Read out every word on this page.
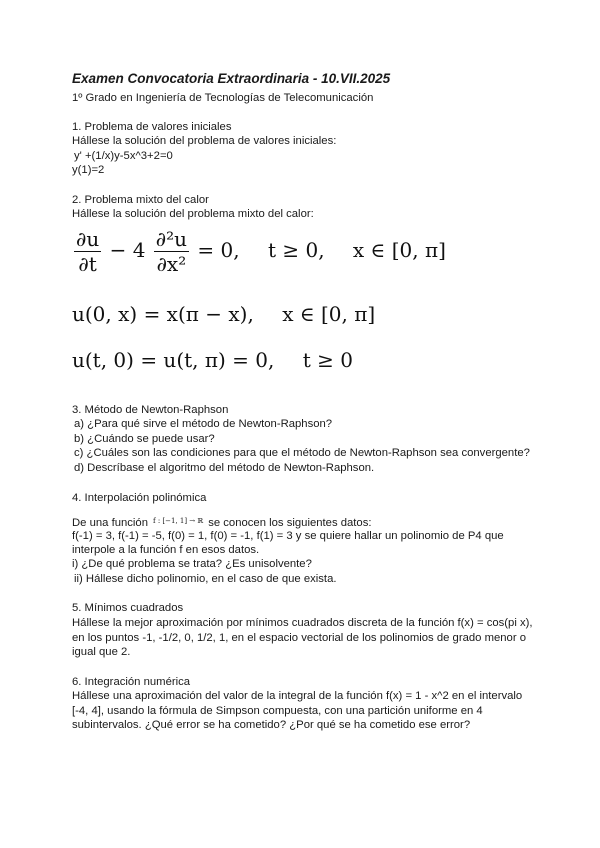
Examen Convocatoria Extraordinaria - 10.VII.2025
1º Grado en Ingeniería de Tecnologías de Telecomunicación
1. Problema de valores iniciales
Hállese la solución del problema de valores iniciales:
y' +(1/x)y-5x^3+2=0
y(1)=2
2. Problema mixto del calor
Hállese la solución del problema mixto del calor:
$\frac{\partial u}{\partial t} - 4 \frac{\text{∂²u}}{\text{∂x²}} = 0$, t ≥ 0, x ∈ [0, π]
u(0, x) = x(π − x), x ∈ [0, π]
u(t, 0) = u(t, π) = 0, t ≥ 0
3. Método de Newton-Raphson
a) ¿Para qué sirve el método de Newton-Raphson?
b) ¿Cuándo se puede usar?
c) ¿Cuáles son las condiciones para que el método de Newton-Raphson sea convergente?
d) Descríbase el algoritmo del método de Newton-Raphson.
4. Interpolación polinómica
De una función f : [−1, 1] → ℝ se conocen los siguientes datos:
f(-1) = 3, f(-1) = -5, f(0) = 1, f(0) = -1, f(1) = 3 y se quiere hallar un polinomio de P4 que
interpole a la función f en esos datos.
i) ¿De qué problema se trata? ¿Es unisolvente?
ii) Hállese dicho polinomio, en el caso de que exista.
5. Mínimos cuadrados
Hállese la mejor aproximación por mínimos cuadrados discreta de la función f(x) = cos(pi x),
en los puntos -1, -1/2, 0, 1/2, 1, en el espacio vectorial de los polinomios de grado menor o
igual que 2.
6. Integración numérica
Hállese una aproximación del valor de la integral de la función f(x) = 1 - x^2 en el intervalo
[-4, 4], usando la fórmula de Simpson compuesta, con una partición uniforme en 4
subintervalos. ¿Qué error se ha cometido? ¿Por qué se ha cometido ese error?
